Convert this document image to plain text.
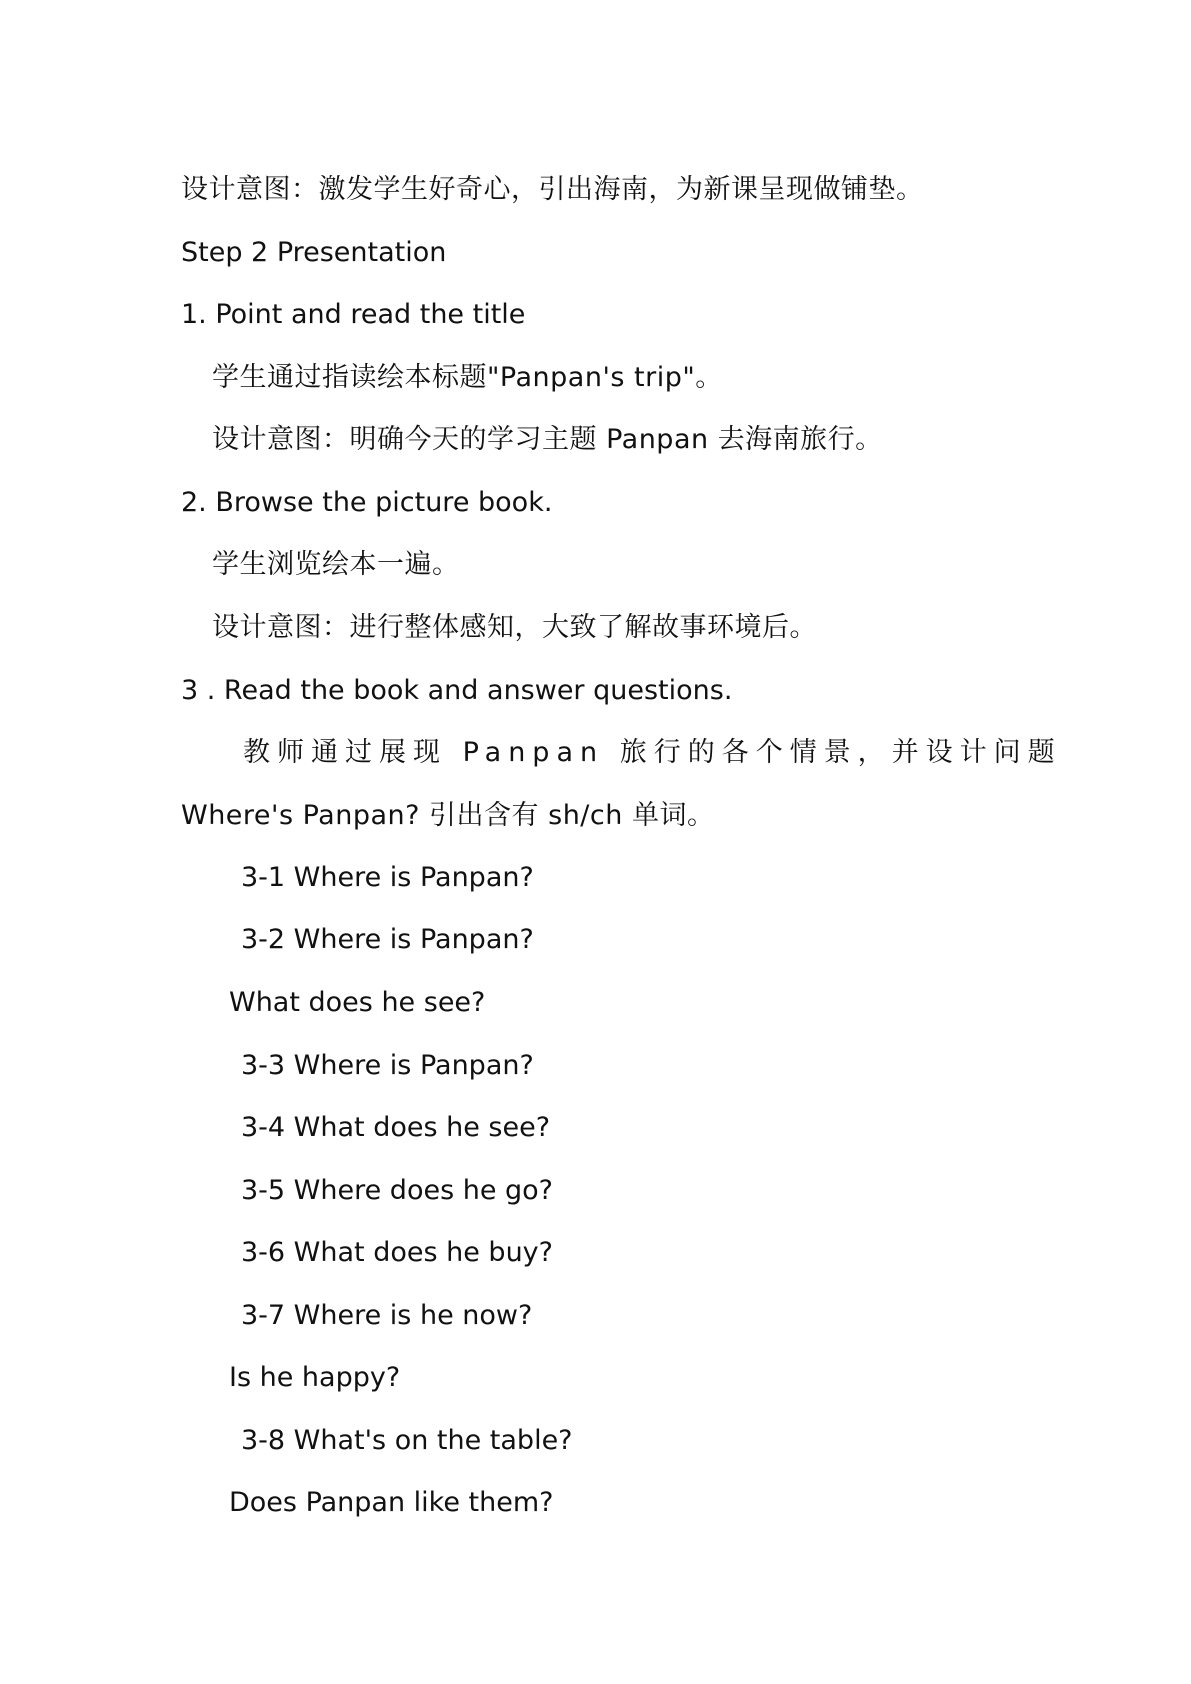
设计意图：激发学生好奇心，引出海南，为新课呈现做铺垫。
Step 2 Presentation
1. Point and read the title
学生通过指读绘本标题"Panpan's trip"。
设计意图：明确今天的学习主题 Panpan 去海南旅行。
2. Browse the picture book.
学生浏览绘本一遍。
设计意图：进行整体感知，大致了解故事环境后。
3 . Read the book and answer questions.
教师通过展现 Panpan 旅行的各个情景，并设计问题
Where's Panpan? 引出含有 sh/ch 单词。
3-1 Where is Panpan?
3-2 Where is Panpan?
What does he see?
3-3 Where is Panpan?
3-4 What does he see?
3-5 Where does he go?
3-6 What does he buy?
3-7 Where is he now?
Is he happy?
3-8 What's on the table?
Does Panpan like them?
